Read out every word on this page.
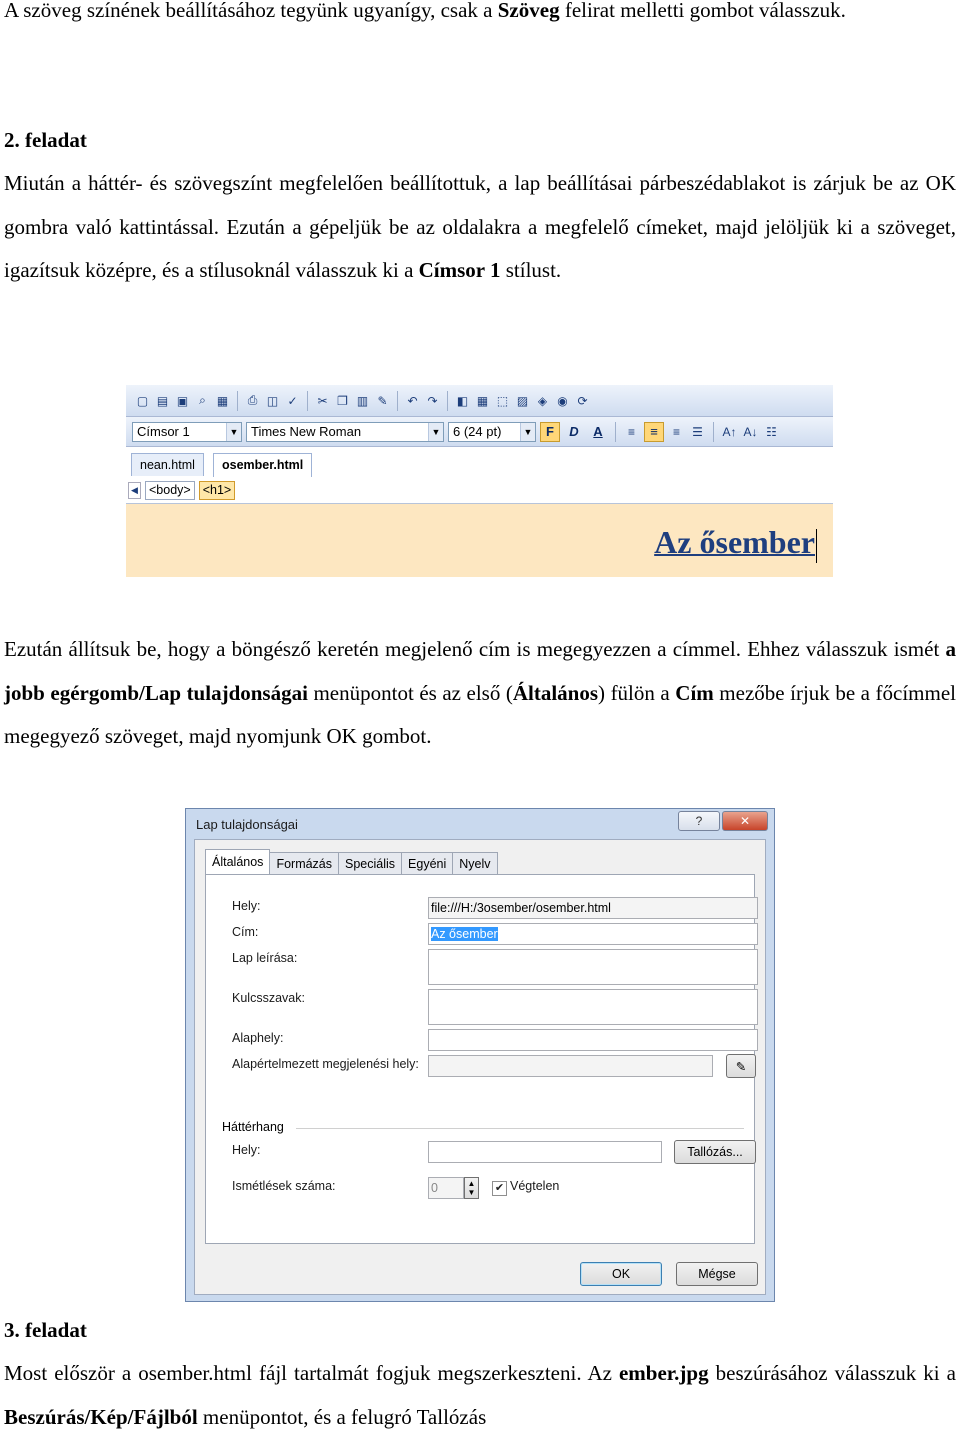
A szöveg színének beállításához tegyünk ugyanígy, csak a Szöveg felirat melletti gombot válasszuk.
2. feladat
Miután a háttér- és szövegszínt megfelelően beállítottuk, a lap beállításai párbeszédablakot is zárjuk be az OK gombra való kattintással. Ezután a gépeljük be az oldalakra a megfelelő címeket, majd jelöljük ki a szöveget, igazítsuk középre, és a stílusoknál válasszuk ki a Címsor 1 stílust.
▢ ▤ ▣ ⌕ ▦	⎙ ◫ ✓ ✂ ❐ ▥ ✎ ↶ ↷ ◧ ▦ ⬚ ▨ ◈ ◉ ⟳
Címsor 1	▼ Times New Roman	▼ 6 (24 pt)	▼	F	D	A	≡	≡	≡	☰ A↑ A↓ ☷
nean.html	osember.html
◀ <body> <h1>
Az ősember
Ezután állítsuk be, hogy a böngésző keretén megjelenő cím is megegyezzen a címmel. Ehhez válasszuk ismét a jobb egérgomb/Lap tulajdonságai menüpontot és az első (Általános) fülön a Cím mezőbe írjuk be a főcímmel megegyező szöveget, majd nyomjunk OK gombot.
Lap tulajdonságai	?	✕
Általános	Formázás	Speciális	Egyéni	Nyelv
Hely:	file:///H:/3osember/osember.html
Cím:	Az ősember
Lap leírása:
Kulcsszavak:
Alaphely:
Alapértelmezett megjelenési hely:	✎
Háttérhang
Hely:	Tallózás...
Ismétlések száma:	0	▲
▼ ✔ Végtelen
OK	Mégse
3. feladat
Most először a osember.html fájl tartalmát fogjuk megszerkeszteni. Az ember.jpg beszúrásához válasszuk ki a Beszúrás/Kép/Fájlból menüpontot, és a felugró Tallózás
